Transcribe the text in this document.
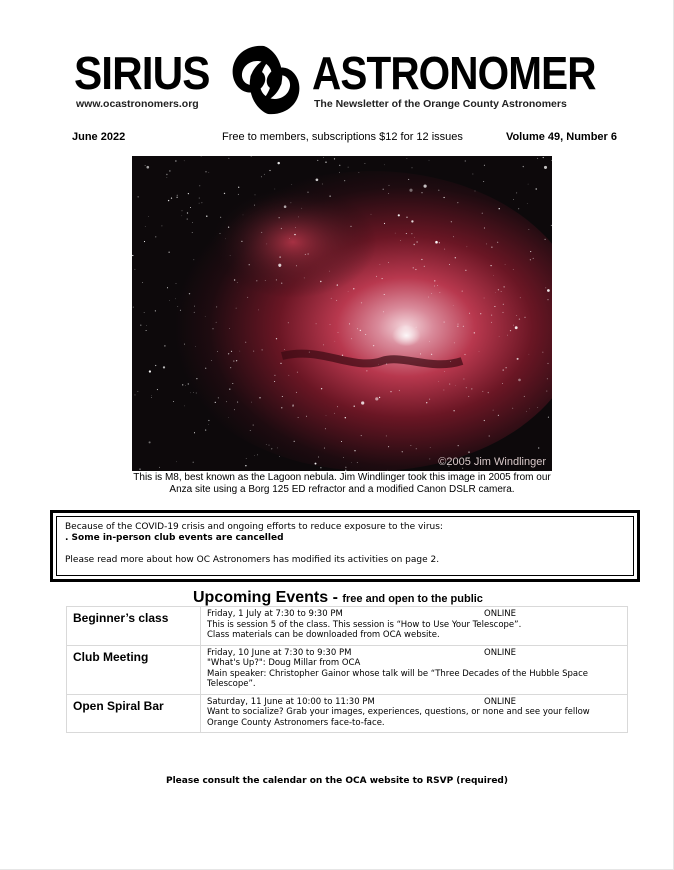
SIRIUS ASTRONOMER
www.ocastronomers.org	The Newsletter of the Orange County Astronomers
June 2022	Free to members, subscriptions $12 for 12 issues	Volume 49, Number 6
©2005 Jim Windlinger
This is M8, best known as the Lagoon nebula. Jim Windlinger took this image in 2005 from our
Anza site using a Borg 125 ED refractor and a modified Canon DSLR camera.
Because of the COVID-19 crisis and ongoing efforts to reduce exposure to the virus:
. Some in-person club events are cancelled
Please read more about how OC Astronomers has modified its activities on page 2.
Upcoming Events - free and open to the public
Beginner’s class	Friday, 1 July at 7:30 to 9:30 PM	ONLINE
This is session 5 of the class. This session is “How to Use Your Telescope”.
Class materials can be downloaded from OCA website.
Club Meeting	Friday, 10 June at 7:30 to 9:30 PM	ONLINE
"What's Up?": Doug Millar from OCA
Main speaker: Christopher Gainor whose talk will be “Three Decades of the Hubble Space
Telescope”.
Open Spiral Bar	Saturday, 11 June at 10:00 to 11:30 PM	ONLINE
Want to socialize? Grab your images, experiences, questions, or none and see your fellow
Orange County Astronomers face-to-face.
Please consult the calendar on the OCA website to RSVP (required)
